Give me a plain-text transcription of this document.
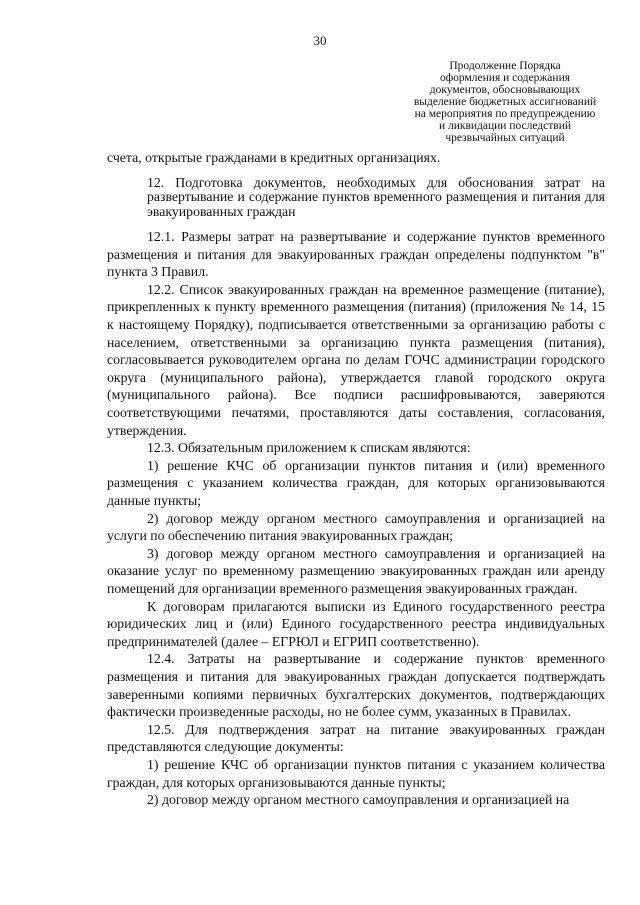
30
Продолжение Порядка
оформления и содержания
документов, обосновывающих
выделение бюджетных ассигнований
на мероприятия по предупреждению
и ликвидации последствий
чрезвычайных ситуаций

счета, открытые гражданами в кредитных организациях.

12. Подготовка документов, необходимых для обоснования затрат на развертывание и содержание пунктов временного размещения и питания для эвакуированных граждан

12.1. Размеры затрат на развертывание и содержание пунктов временного размещения и питания для эвакуированных граждан определены подпунктом "в" пункта 3 Правил.

12.2. Список эвакуированных граждан на временное размещение (питание), прикрепленных к пункту временного размещения (питания) (приложения № 14, 15 к настоящему Порядку), подписывается ответственными за организацию работы с населением, ответственными за организацию пункта размещения (питания), согласовывается руководителем органа по делам ГОЧС администрации городского округа (муниципального района), утверждается главой городского округа (муниципального района). Все подписи расшифровываются, заверяются соответствующими печатями, проставляются даты составления, согласования, утверждения.

12.3. Обязательным приложением к спискам являются:

1) решение КЧС об организации пунктов питания и (или) временного размещения с указанием количества граждан, для которых организовываются данные пункты;

2) договор между органом местного самоуправления и организацией на услуги по обеспечению питания эвакуированных граждан;

3) договор между органом местного самоуправления и организацией на оказание услуг по временному размещению эвакуированных граждан или аренду помещений для организации временного размещения эвакуированных граждан.

К договорам прилагаются выписки из Единого государственного реестра юридических лиц и (или) Единого государственного реестра индивидуальных предпринимателей (далее – ЕГРЮЛ и ЕГРИП соответственно).

12.4. Затраты на развертывание и содержание пунктов временного размещения и питания для эвакуированных граждан допускается подтверждать заверенными копиями первичных бухгалтерских документов, подтверждающих фактически произведенные расходы, но не более сумм, указанных в Правилах.

12.5. Для подтверждения затрат на питание эвакуированных граждан представляются следующие документы:

1) решение КЧС об организации пунктов питания с указанием количества граждан, для которых организовываются данные пункты;

2) договор между органом местного самоуправления и организацией на
